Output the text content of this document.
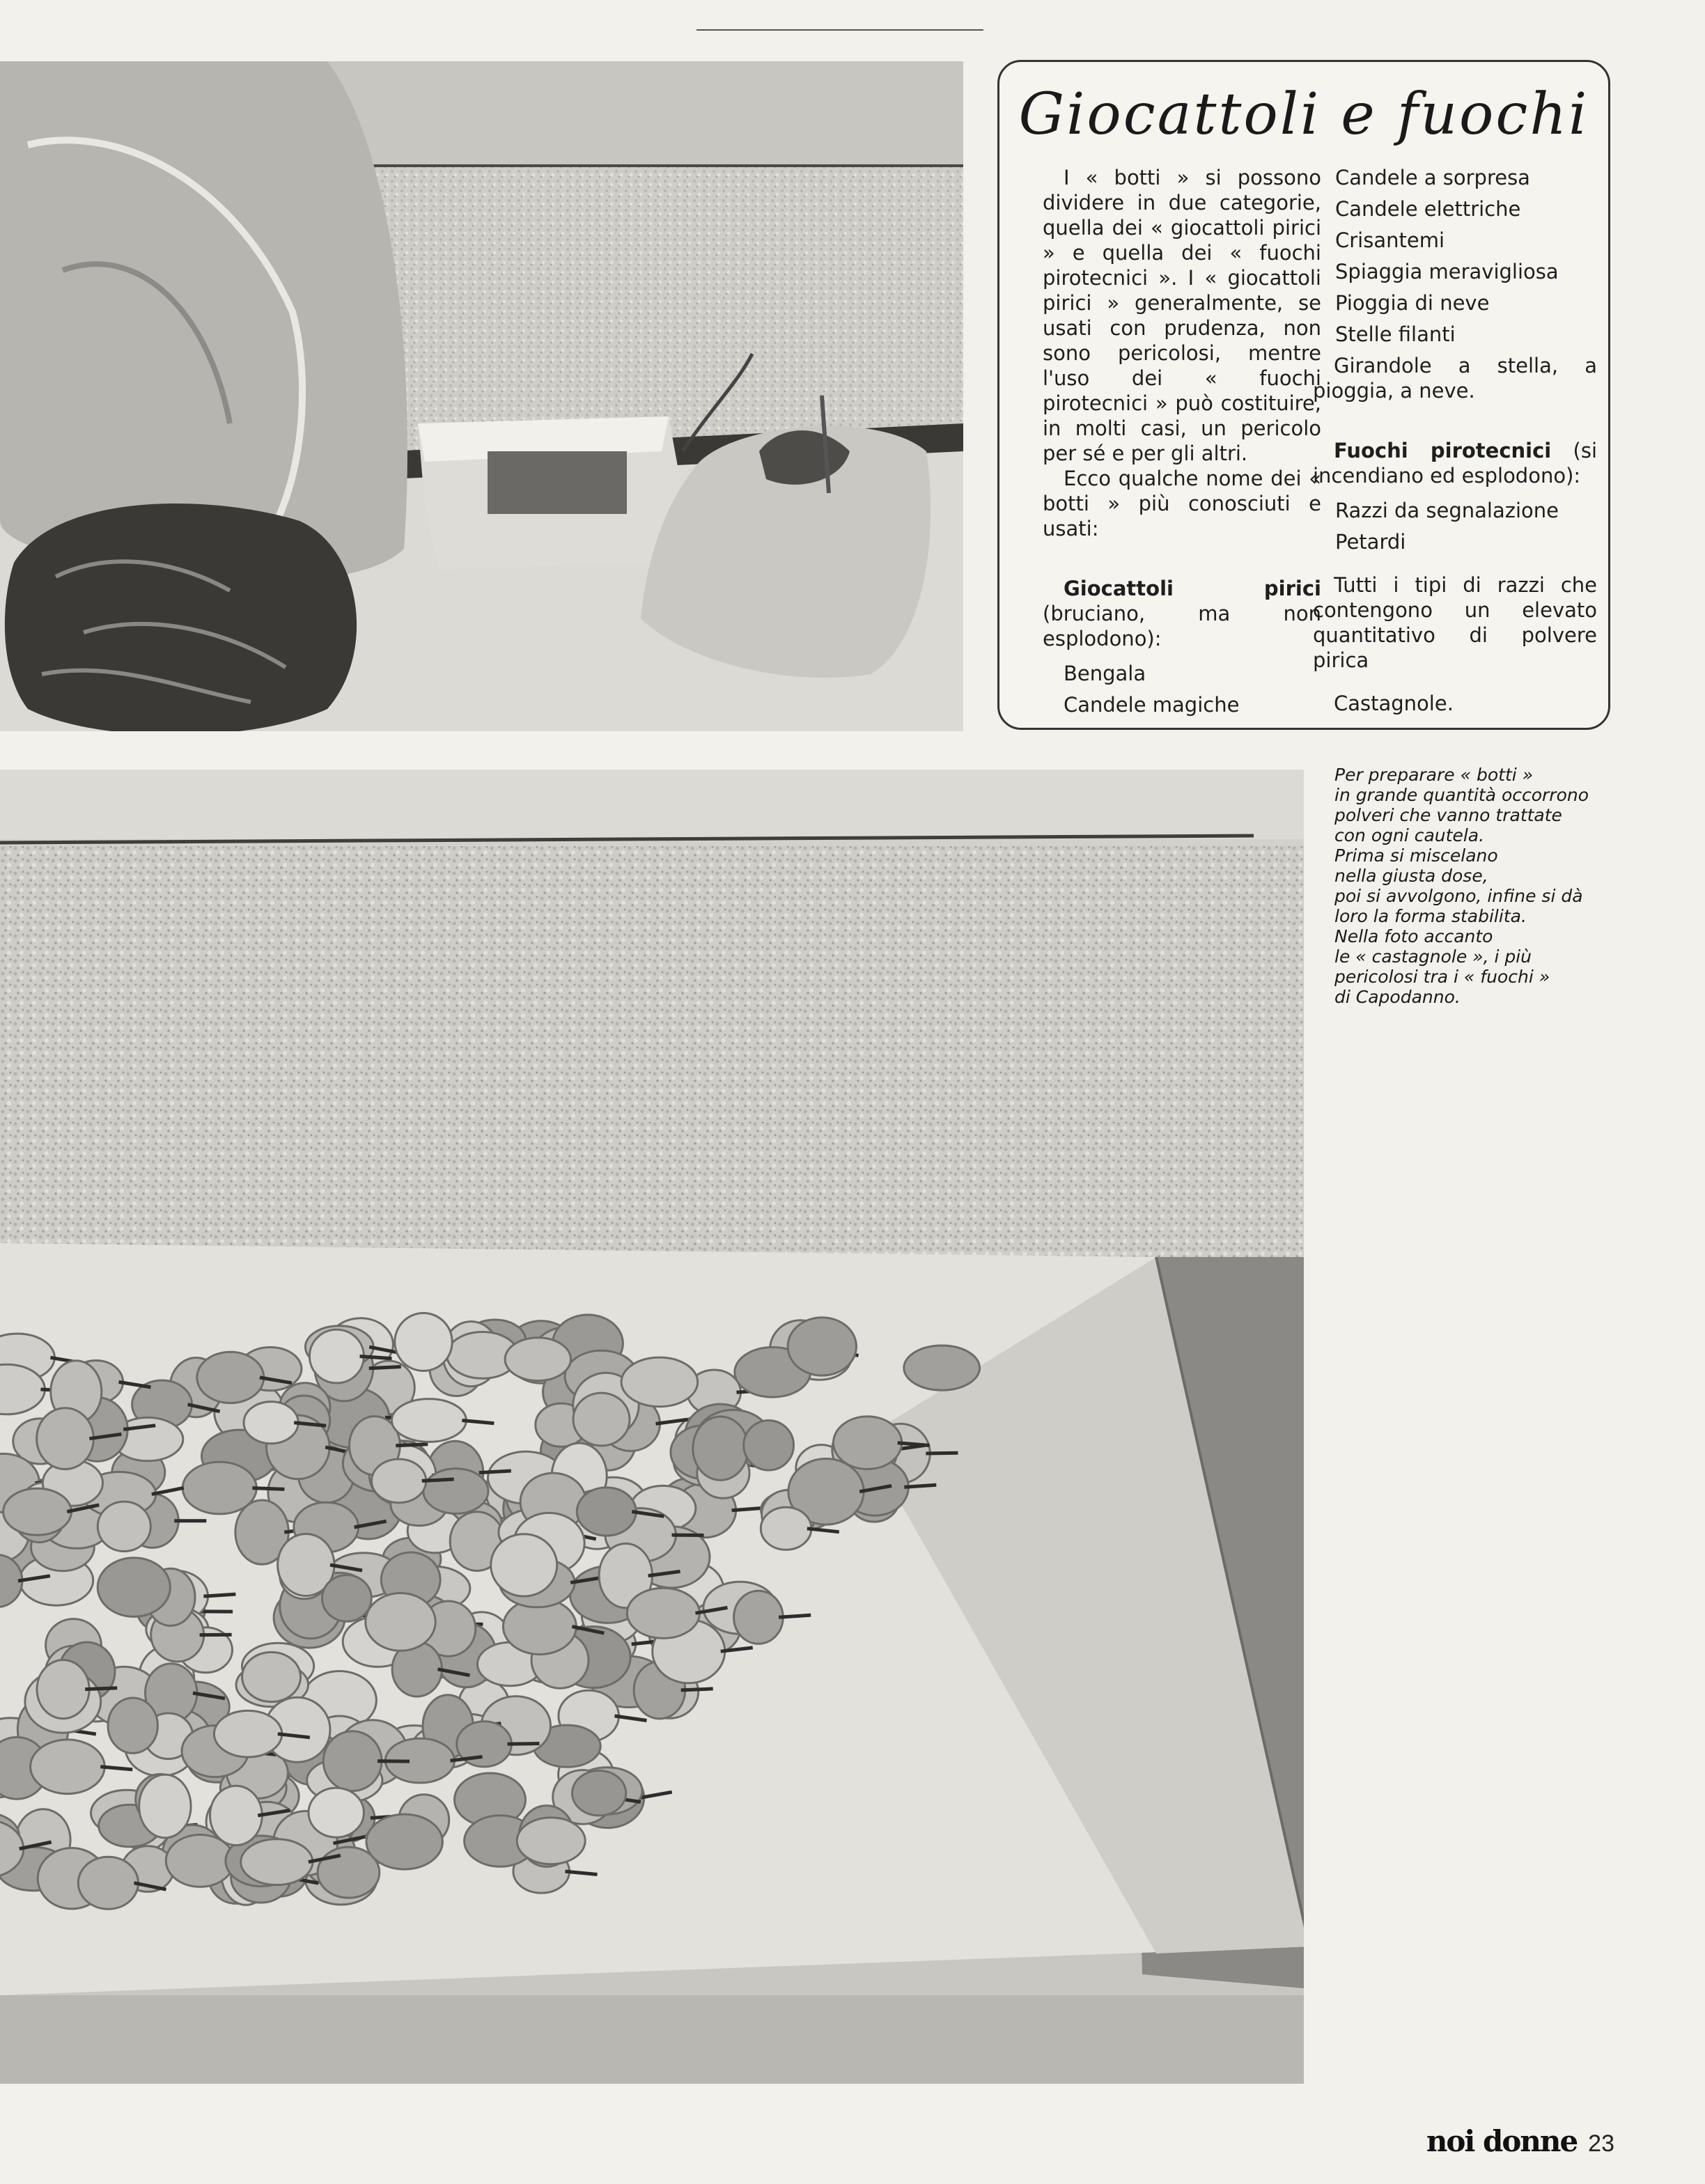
Giocattoli e fuochi

I « botti » si possono dividere in due categorie, quella dei « giocattoli pirici » e quella dei « fuochi pirotecnici ». I « giocattoli pirici » generalmente, se usati con prudenza, non sono pericolosi, mentre l'uso dei « fuochi pirotecnici » può costituire, in molti casi, un pericolo per sé e per gli altri.

Ecco qualche nome dei « botti » più conosciuti e usati:

Giocattoli pirici (bruciano, ma non esplodono):

Bengala
Candele magiche
Candele a sorpresa
Candele elettriche
Crisantemi
Spiaggia meravigliosa
Pioggia di neve
Stelle filanti

Girandole a stella, a pioggia, a neve.

Fuochi pirotecnici (si incendiano ed esplodono):

Razzi da segnalazione
Petardi

Tutti i tipi di razzi che contengono un elevato quantitativo di polvere pirica

Castagnole.

Per preparare « botti »
in grande quantità occorrono
polveri che vanno trattate
con ogni cautela.
Prima si miscelano
nella giusta dose,
poi si avvolgono, infine si dà
loro la forma stabilita.
Nella foto accanto
le « castagnole », i più
pericolosi tra i « fuochi »
di Capodanno.
noi donne 23
